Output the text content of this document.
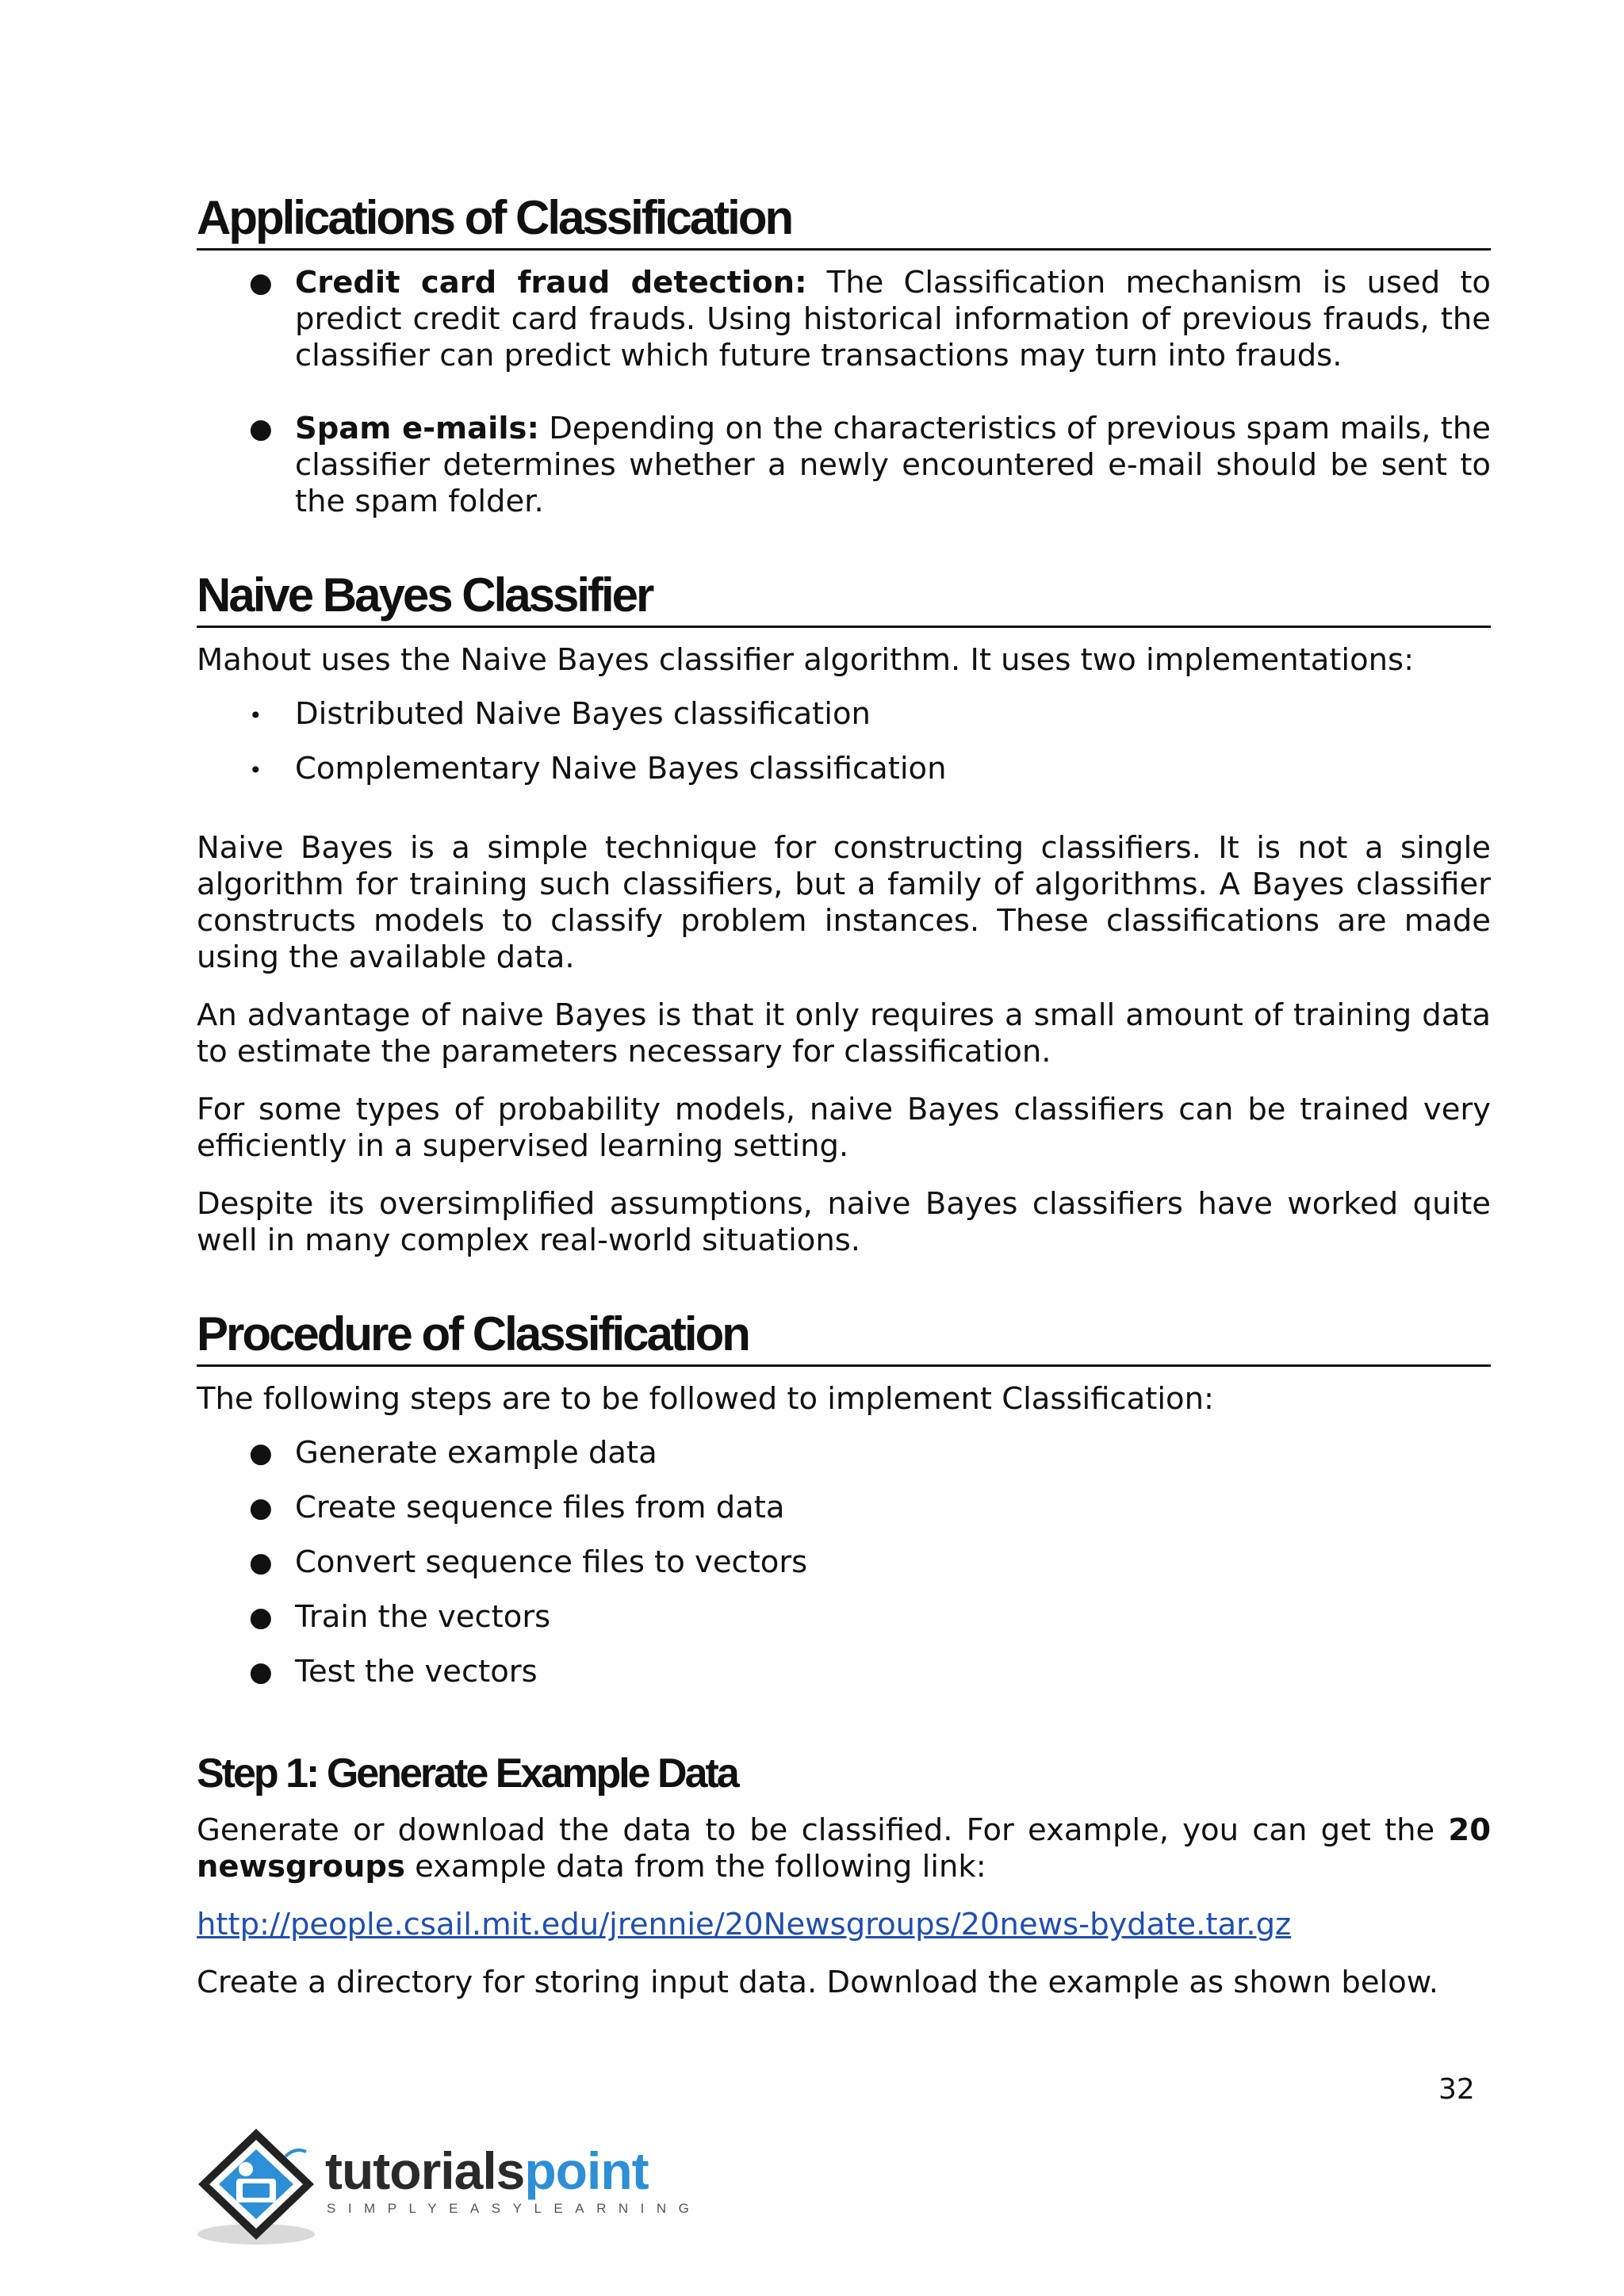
Applications of Classification
● Credit card fraud detection: The Classification mechanism is used to predict credit card frauds. Using historical information of previous frauds, the classifier can predict which future transactions may turn into frauds.
● Spam e-mails: Depending on the characteristics of previous spam mails, the classifier determines whether a newly encountered e-mail should be sent to the spam folder.
Naive Bayes Classifier

Mahout uses the Naive Bayes classifier algorithm. It uses two implementations:

• Distributed Naive Bayes classification
• Complementary Naive Bayes classification

Naive Bayes is a simple technique for constructing classifiers. It is not a single algorithm for training such classifiers, but a family of algorithms. A Bayes classifier constructs models to classify problem instances. These classifications are made using the available data.

An advantage of naive Bayes is that it only requires a small amount of training data to estimate the parameters necessary for classification.

For some types of probability models, naive Bayes classifiers can be trained very efficiently in a supervised learning setting.

Despite its oversimplified assumptions, naive Bayes classifiers have worked quite well in many complex real-world situations.

Procedure of Classification

The following steps are to be followed to implement Classification:

● Generate example data
● Create sequence files from data
● Convert sequence files to vectors
● Train the vectors
● Test the vectors
Step 1: Generate Example Data

Generate or download the data to be classified. For example, you can get the 20 newsgroups example data from the following link:

http://people.csail.mit.edu/jrennie/20Newsgroups/20news-bydate.tar.gz

Create a directory for storing input data. Download the example as shown below.

32
tutorialspoint
SIMPLYEASYLEARNING
